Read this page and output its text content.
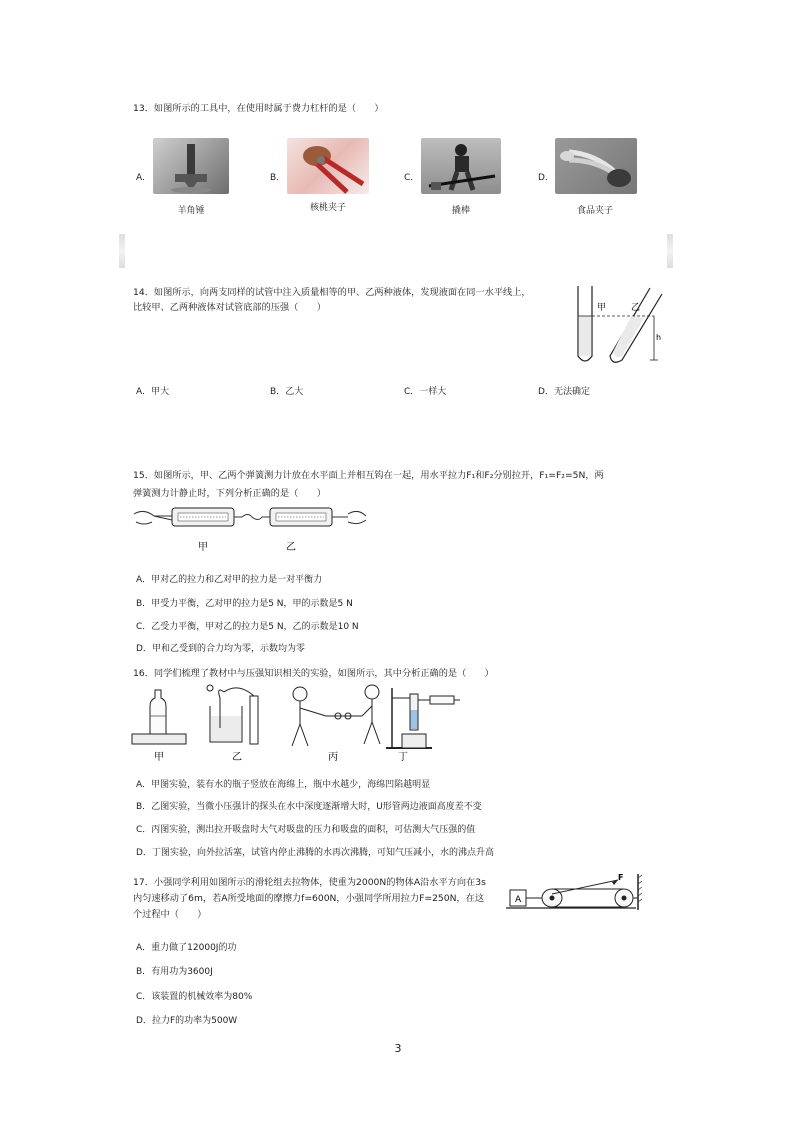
13．如图所示的工具中，在使用时属于费力杠杆的是（　　）
A．
羊角锤
B．
核桃夹子
C．
撬棒
D．
食品夹子
14．如图所示，向两支同样的试管中注入质量相等的甲、乙两种液体，发现液面在同一水平线上，
比较甲、乙两种液体对试管底部的压强（　　）	甲	乙
h
A．甲大	B．乙大	C．一样大	D．无法确定
15．如图所示，甲、乙两个弹簧测力计放在水平面上并相互钩在一起，用水平拉力F₁和F₂分别拉开，F₁=F₂=5N，两
弹簧测力计静止时，下列分析正确的是（　　）
甲	乙
A．甲对乙的拉力和乙对甲的拉力是一对平衡力
B．甲受力平衡，乙对甲的拉力是5 N，甲的示数是5 N
C．乙受力平衡，甲对乙的拉力是5 N，乙的示数是10 N
D．甲和乙受到的合力均为零，示数均为零
16．同学们梳理了教材中与压强知识相关的实验，如图所示，其中分析正确的是（　　）
甲	乙	丙	丁
A．甲图实验，装有水的瓶子竖放在海绵上，瓶中水越少，海绵凹陷越明显
B．乙图实验，当微小压强计的探头在水中深度逐渐增大时，U形管两边液面高度差不变
C．丙图实验，测出拉开吸盘时大气对吸盘的压力和吸盘的面积，可估测大气压强的值
D．丁图实验，向外拉活塞，试管内停止沸腾的水再次沸腾，可知气压减小，水的沸点升高
17．小强同学利用如图所示的滑轮组去拉物体，使重为2000N的物体A沿水平方向在3s
内匀速移动了6m，若A所受地面的摩擦力f=600N，小强同学所用拉力F=250N，在这
个过程中（　　）
A
F
A．重力做了12000J的功
B．有用功为3600J
C．该装置的机械效率为80%
D．拉力F的功率为500W
3
